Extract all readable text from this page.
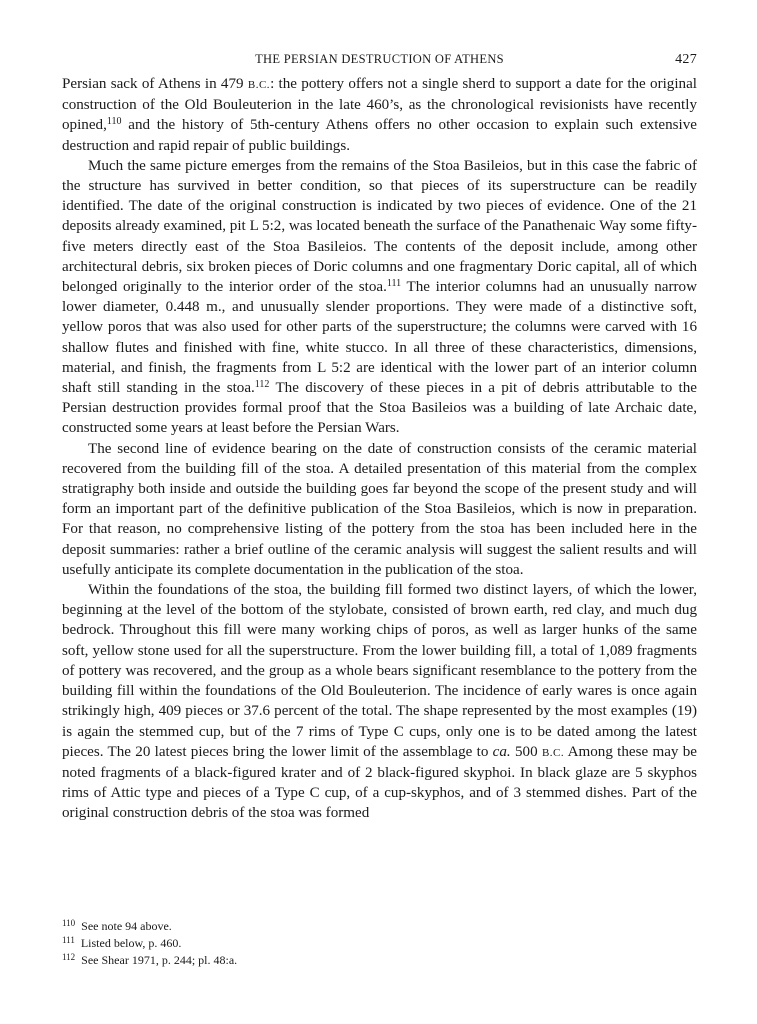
THE PERSIAN DESTRUCTION OF ATHENS	427

Persian sack of Athens in 479 B.C.: the pottery offers not a single sherd to support a date for the original construction of the Old Bouleuterion in the late 460’s, as the chronological revisionists have recently opined,$^{110}$ and the history of 5th-century Athens offers no other occasion to explain such extensive destruction and rapid repair of public buildings.

Much the same picture emerges from the remains of the Stoa Basileios, but in this case the fabric of the structure has survived in better condition, so that pieces of its superstructure can be readily identified. The date of the original construction is indicated by two pieces of evidence. One of the 21 deposits already examined, pit L 5:2, was located beneath the surface of the Panathenaic Way some fifty-five meters directly east of the Stoa Basileios. The contents of the deposit include, among other architectural debris, six broken pieces of Doric columns and one fragmentary Doric capital, all of which belonged originally to the interior order of the stoa.$^{111}$ The interior columns had an unusually narrow lower diameter, 0.448 m., and unusually slender proportions. They were made of a distinctive soft, yellow poros that was also used for other parts of the superstructure; the columns were carved with 16 shallow flutes and finished with fine, white stucco. In all three of these characteristics, dimensions, material, and finish, the fragments from L 5:2 are identical with the lower part of an interior column shaft still standing in the stoa.$^{112}$ The discovery of these pieces in a pit of debris attributable to the Persian destruction provides formal proof that the Stoa Basileios was a building of late Archaic date, constructed some years at least before the Persian Wars.

The second line of evidence bearing on the date of construction consists of the ceramic material recovered from the building fill of the stoa. A detailed presentation of this material from the complex stratigraphy both inside and outside the building goes far beyond the scope of the present study and will form an important part of the definitive publication of the Stoa Basileios, which is now in preparation. For that reason, no comprehensive listing of the pottery from the stoa has been included here in the deposit summaries: rather a brief outline of the ceramic analysis will suggest the salient results and will usefully anticipate its complete documentation in the publication of the stoa.

Within the foundations of the stoa, the building fill formed two distinct layers, of which the lower, beginning at the level of the bottom of the stylobate, consisted of brown earth, red clay, and much dug bedrock. Throughout this fill were many working chips of poros, as well as larger hunks of the same soft, yellow stone used for all the superstructure. From the lower building fill, a total of 1,089 fragments of pottery was recovered, and the group as a whole bears significant resemblance to the pottery from the building fill within the foundations of the Old Bouleuterion. The incidence of early wares is once again strikingly high, 409 pieces or 37.6 percent of the total. The shape represented by the most examples (19) is again the stemmed cup, but of the 7 rims of Type C cups, only one is to be dated among the latest pieces. The 20 latest pieces bring the lower limit of the assemblage to ca. 500 B.C. Among these may be noted fragments of a black-figured krater and of 2 black-figured skyphoi. In black glaze are 5 skyphos rims of Attic type and pieces of a Type C cup, of a cup-skyphos, and of 3 stemmed dishes. Part of the original construction debris of the stoa was formed

$^{110}$ See note 94 above.
$^{111}$ Listed below, p. 460.
$^{112}$ See Shear 1971, p. 244; pl. 48:a.
